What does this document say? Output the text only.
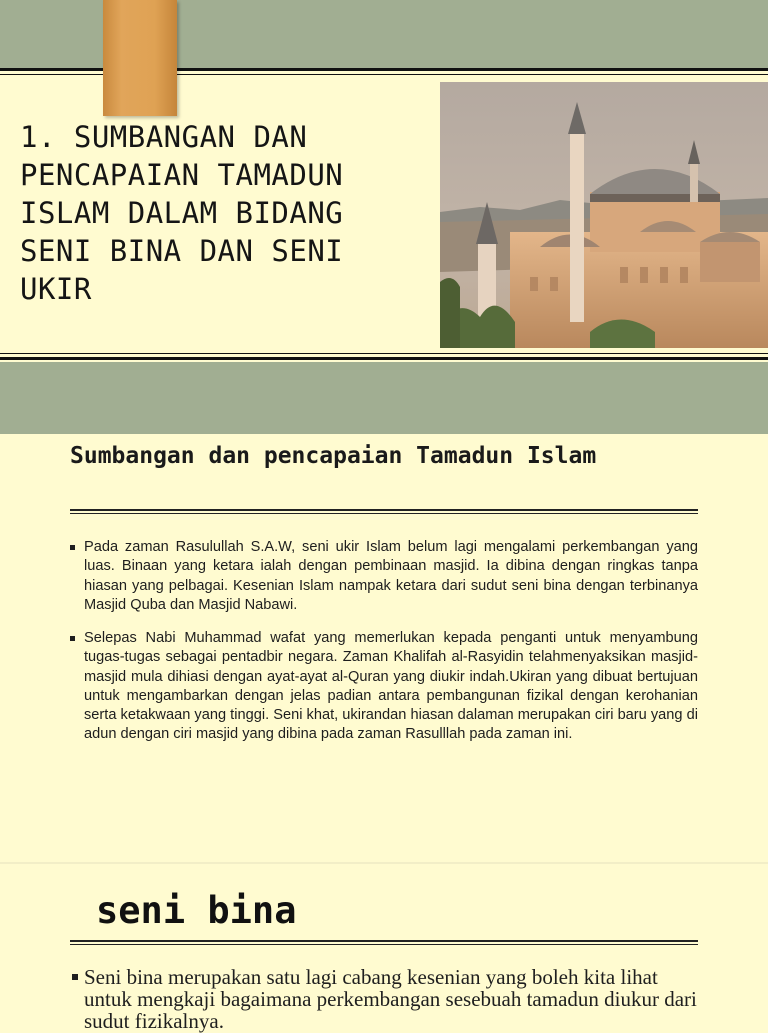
1. SUMBANGAN DAN PENCAPAIAN TAMADUN ISLAM DALAM BIDANG SENI BINA DAN SENI UKIR
Sumbangan dan pencapaian Tamadun Islam
Pada zaman Rasulullah S.A.W, seni ukir Islam belum lagi mengalami perkembangan yang luas. Binaan yang ketara ialah dengan pembinaan masjid. Ia dibina dengan ringkas tanpa hiasan yang pelbagai. Kesenian Islam nampak ketara dari sudut seni bina dengan terbinanya Masjid Quba dan Masjid Nabawi.
Selepas Nabi Muhammad wafat yang memerlukan kepada penganti untuk menyambung tugas-tugas sebagai pentadbir negara. Zaman Khalifah al-Rasyidin telahmenyaksikan masjid-masjid mula dihiasi dengan ayat-ayat al-Quran yang diukir indah.Ukiran yang dibuat bertujuan untuk mengambarkan dengan jelas padian antara pembangunan fizikal dengan kerohanian serta ketakwaan yang tinggi. Seni khat, ukirandan hiasan dalaman merupakan ciri baru yang di adun dengan ciri masjid yang dibina pada zaman Rasulllah pada zaman ini.
seni bina
Seni bina merupakan satu lagi cabang kesenian yang boleh kita lihat untuk mengkaji bagaimana perkembangan sesebuah tamadun diukur dari sudut fizikalnya.
